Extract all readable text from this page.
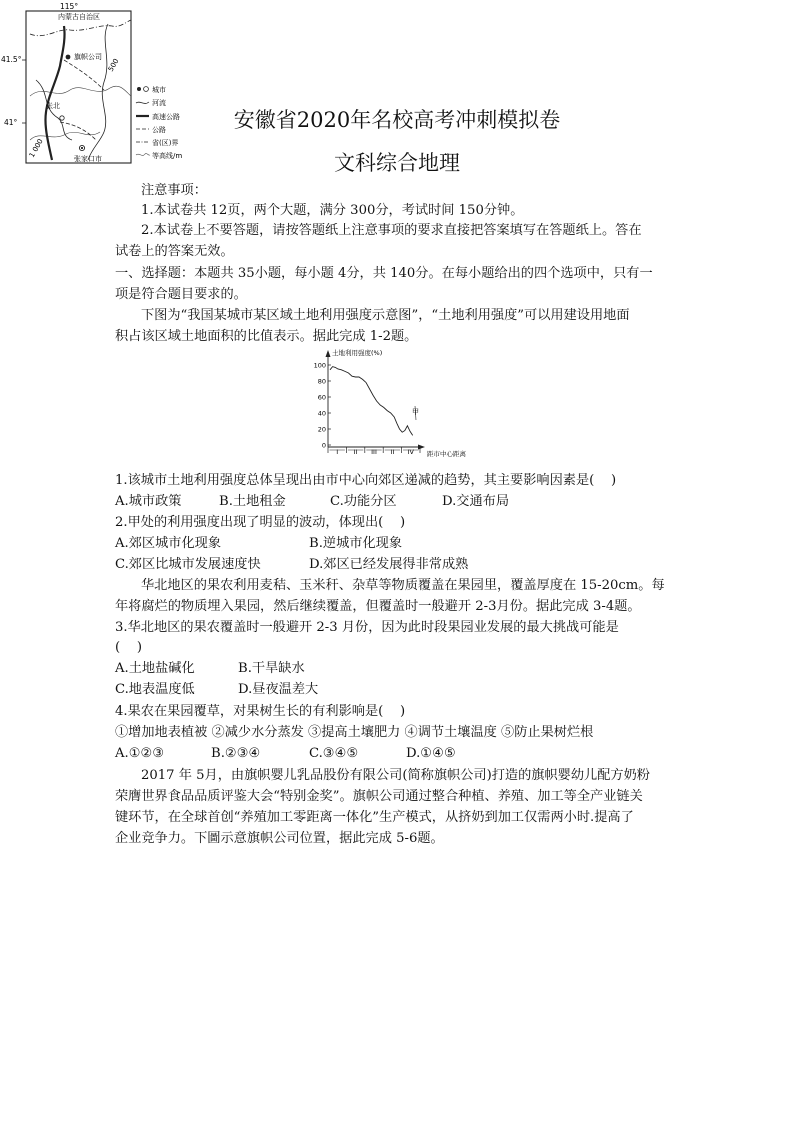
安徽省2020年名校高考冲刺模拟卷
文科综合地理
注意事项：
1.本试卷共 12页，两个大题，满分 300分，考试时间 150分钟。
2.本试卷上不要答题，请按答题纸上注意事项的要求直接把答案填写在答题纸上。答在
试卷上的答案无效。
一、选择题：本题共 35小题，每小题 4分，共 140分。在每小题给出的四个选项中，只有一
项是符合题目要求的。
下图为“我国某城市某区域土地利用强度示意图”，“土地利用强度”可以用建设用地面
积占该区域土地面积的比值表示。据此完成 1-2题。
土地利用强度(%)
0
20
40
60
80
100
I II III II IV
甲
距市中心距离
1.该城市土地利用强度总体呈现出由市中心向郊区递减的趋势，其主要影响因素是(    )
A.城市政策	B.土地租金	C.功能分区	D.交通布局
2.甲处的利用强度出现了明显的波动，体现出(    )
A.郊区城市化现象	B.逆城市化现象
C.郊区比城市发展速度快	D.郊区已经发展得非常成熟
华北地区的果农利用麦秸、玉米秆、杂草等物质覆盖在果园里，覆盖厚度在 15-20cm。每
年将腐烂的物质埋入果园，然后继续覆盖，但覆盖时一般避开 2-3月份。据此完成 3-4题。
3.华北地区的果农覆盖时一般避开 2-3 月份，因为此时段果园业发展的最大挑战可能是
(    )
A.土地盐碱化	B.干旱缺水
C.地表温度低	D.昼夜温差大
4.果农在果园覆草，对果树生长的有利影响是(    )
①增加地表植被 ②减少水分蒸发 ③提高土壤肥力 ④调节土壤温度 ⑤防止果树烂根
A.①②③	B.②③④	C.③④⑤	D.①④⑤
2017 年 5月，由旗帜婴儿乳品股份有限公司(简称旗帜公司)打造的旗帜婴幼儿配方奶粉
荣膺世界食品品质评鉴大会“特别金奖”。旗帜公司通过整合种植、养殖、加工等全产业链关
键环节，在全球首创“养殖加工零距离一体化”生产模式，从挤奶到加工仅需两小时.提高了
企业竞争力。下圖示意旗帜公司位置，据此完成 5-6题。
115°
41.5°
41°
内蒙古自治区
500
1 000
旗帜公司
张北
张家口市
城市
河流
高速公路
公路
省(区)界
等高线/m
